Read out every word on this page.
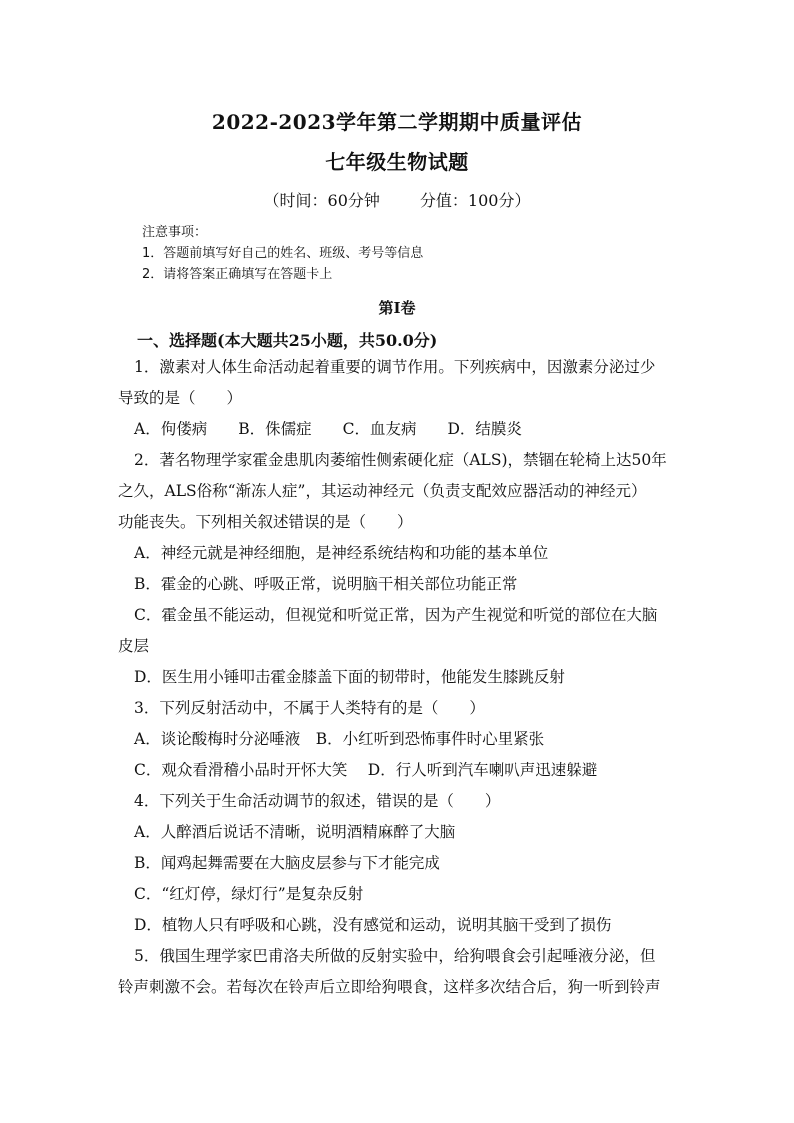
2022-2023学年第二学期期中质量评估
七年级生物试题
（时间：60分钟	分值：100分）
注意事项：
1．答题前填写好自己的姓名、班级、考号等信息
2．请将答案正确填写在答题卡上
第Ⅰ卷
一、选择题(本大题共25小题，共50.0分)
1．激素对人体生命活动起着重要的调节作用。下列疾病中，因激素分泌过少
导致的是（　　）
A．佝偻病　　B．侏儒症　　C．血友病　　D．结膜炎
2．著名物理学家霍金患肌肉萎缩性侧索硬化症（ALS)，禁锢在轮椅上达50年
之久，ALS俗称“渐冻人症”，其运动神经元（负责支配效应器活动的神经元）
功能丧失。下列相关叙述错误的是（　　）
A．神经元就是神经细胞，是神经系统结构和功能的基本单位
B．霍金的心跳、呼吸正常，说明脑干相关部位功能正常
C．霍金虽不能运动，但视觉和听觉正常，因为产生视觉和听觉的部位在大脑
皮层
D．医生用小锤叩击霍金膝盖下面的韧带时，他能发生膝跳反射
3．下列反射活动中，不属于人类特有的是（　　）
A．谈论酸梅时分泌唾液　B．小红听到恐怖事件时心里紧张
C．观众看滑稽小品时开怀大笑　 D．行人听到汽车喇叭声迅速躲避
4．下列关于生命活动调节的叙述，错误的是（　　）
A．人醉酒后说话不清晰，说明酒精麻醉了大脑
B．闻鸡起舞需要在大脑皮层参与下才能完成
C．“红灯停，绿灯行”是复杂反射
D．植物人只有呼吸和心跳，没有感觉和运动，说明其脑干受到了损伤
5．俄国生理学家巴甫洛夫所做的反射实验中，给狗喂食会引起唾液分泌，但
铃声刺激不会。若每次在铃声后立即给狗喂食，这样多次结合后，狗一听到铃声
